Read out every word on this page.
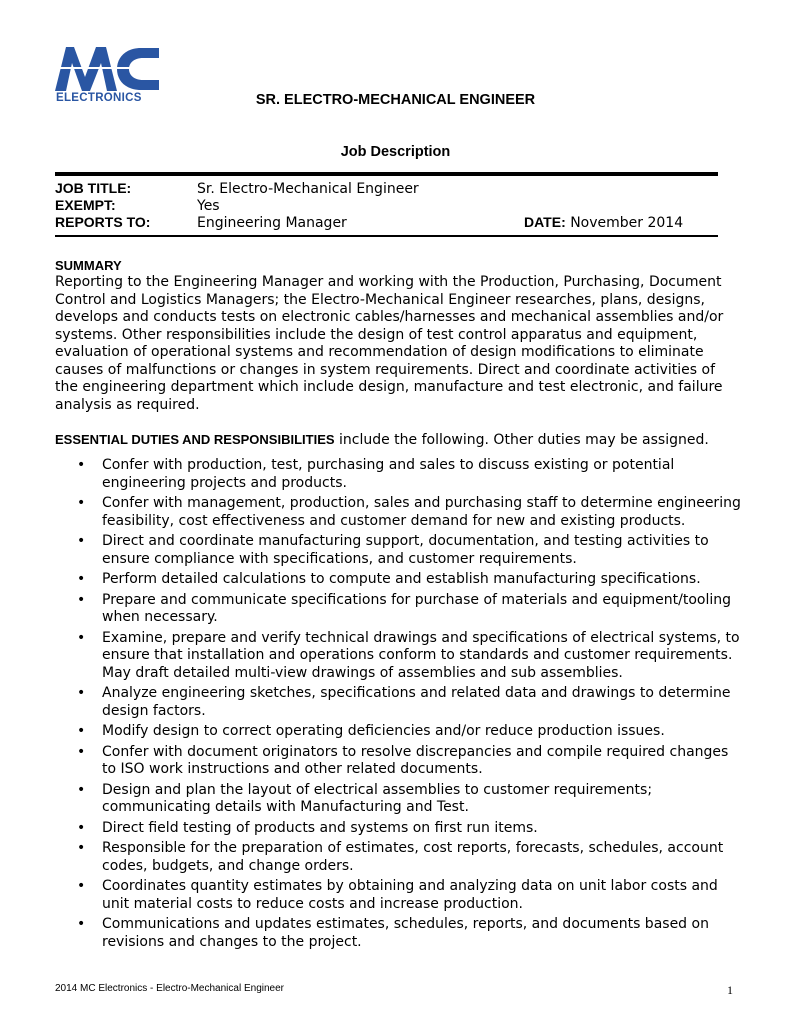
ELECTRONICS	SR. ELECTRO-MECHANICAL ENGINEER
Job Description
JOB TITLE:	Sr. Electro-Mechanical Engineer
EXEMPT:	Yes
REPORTS TO:	Engineering Manager	DATE: November 2014
SUMMARY
Reporting to the Engineering Manager and working with the Production, Purchasing, Document Control and Logistics Managers; the Electro-Mechanical Engineer researches, plans, designs, develops and conducts tests on electronic cables/harnesses and mechanical assemblies and/or systems. Other responsibilities include the design of test control apparatus and equipment, evaluation of operational systems and recommendation of design modifications to eliminate causes of malfunctions or changes in system requirements. Direct and coordinate activities of the engineering department which include design, manufacture and test electronic, and failure analysis as required.
ESSENTIAL DUTIES AND RESPONSIBILITIES include the following. Other duties may be assigned.
• Confer with production, test, purchasing and sales to discuss existing or potential engineering projects and products.
• Confer with management, production, sales and purchasing staff to determine engineering feasibility, cost effectiveness and customer demand for new and existing products.
• Direct and coordinate manufacturing support, documentation, and testing activities to ensure compliance with specifications, and customer requirements.
• Perform detailed calculations to compute and establish manufacturing specifications.
• Prepare and communicate specifications for purchase of materials and equipment/tooling when necessary.
• Examine, prepare and verify technical drawings and specifications of electrical systems, to ensure that installation and operations conform to standards and customer requirements. May draft detailed multi-view drawings of assemblies and sub assemblies.
• Analyze engineering sketches, specifications and related data and drawings to determine design factors.
• Modify design to correct operating deficiencies and/or reduce production issues.
• Confer with document originators to resolve discrepancies and compile required changes to ISO work instructions and other related documents.
• Design and plan the layout of electrical assemblies to customer requirements; communicating details with Manufacturing and Test.
• Direct field testing of products and systems on first run items.
• Responsible for the preparation of estimates, cost reports, forecasts, schedules, account codes, budgets, and change orders.
• Coordinates quantity estimates by obtaining and analyzing data on unit labor costs and unit material costs to reduce costs and increase production.
• Communications and updates estimates, schedules, reports, and documents based on revisions and changes to the project.
2014 MC Electronics - Electro-Mechanical Engineer	1
